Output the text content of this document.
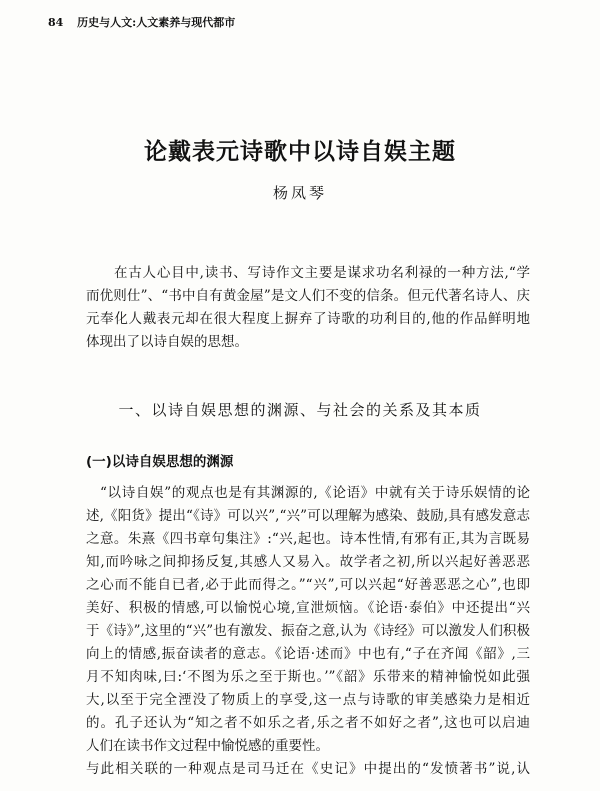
84 历史与人文:人文素养与现代都市
论戴表元诗歌中以诗自娱主题
杨凤琴
在古人心目中,读书、写诗作文主要是谋求功名利禄的一种方法,“学
而优则仕”、“书中自有黄金屋”是文人们不变的信条。但元代著名诗人、庆
元奉化人戴表元却在很大程度上摒弃了诗歌的功利目的,他的作品鲜明地
体现出了以诗自娱的思想。
一、以诗自娱思想的渊源、与社会的关系及其本质
(一)以诗自娱思想的渊源
“以诗自娱”的观点也是有其渊源的,《论语》中就有关于诗乐娱情的论
述,《阳货》提出“《诗》可以兴”,“兴”可以理解为感染、鼓励,具有感发意志
之意。朱熹《四书章句集注》:“兴,起也。诗本性情,有邪有正,其为言既易
知,而吟咏之间抑扬反复,其感人又易入。故学者之初,所以兴起好善恶恶
之心而不能自已者,必于此而得之。”“兴”,可以兴起“好善恶恶之心”,也即
美好、积极的情感,可以愉悦心境,宣泄烦恼。《论语·泰伯》中还提出“兴
于《诗》”,这里的“兴”也有激发、振奋之意,认为《诗经》可以激发人们积极
向上的情感,振奋读者的意志。《论语·述而》中也有,“子在齐闻《韶》,三
月不知肉味,曰:‘不图为乐之至于斯也。’”《韶》乐带来的精神愉悦如此强
大,以至于完全湮没了物质上的享受,这一点与诗歌的审美感染力是相近
的。孔子还认为“知之者不如乐之者,乐之者不如好之者”,这也可以启迪
人们在读书作文过程中愉悦感的重要性。
与此相关联的一种观点是司马迁在《史记》中提出的“发愤著书”说,认
